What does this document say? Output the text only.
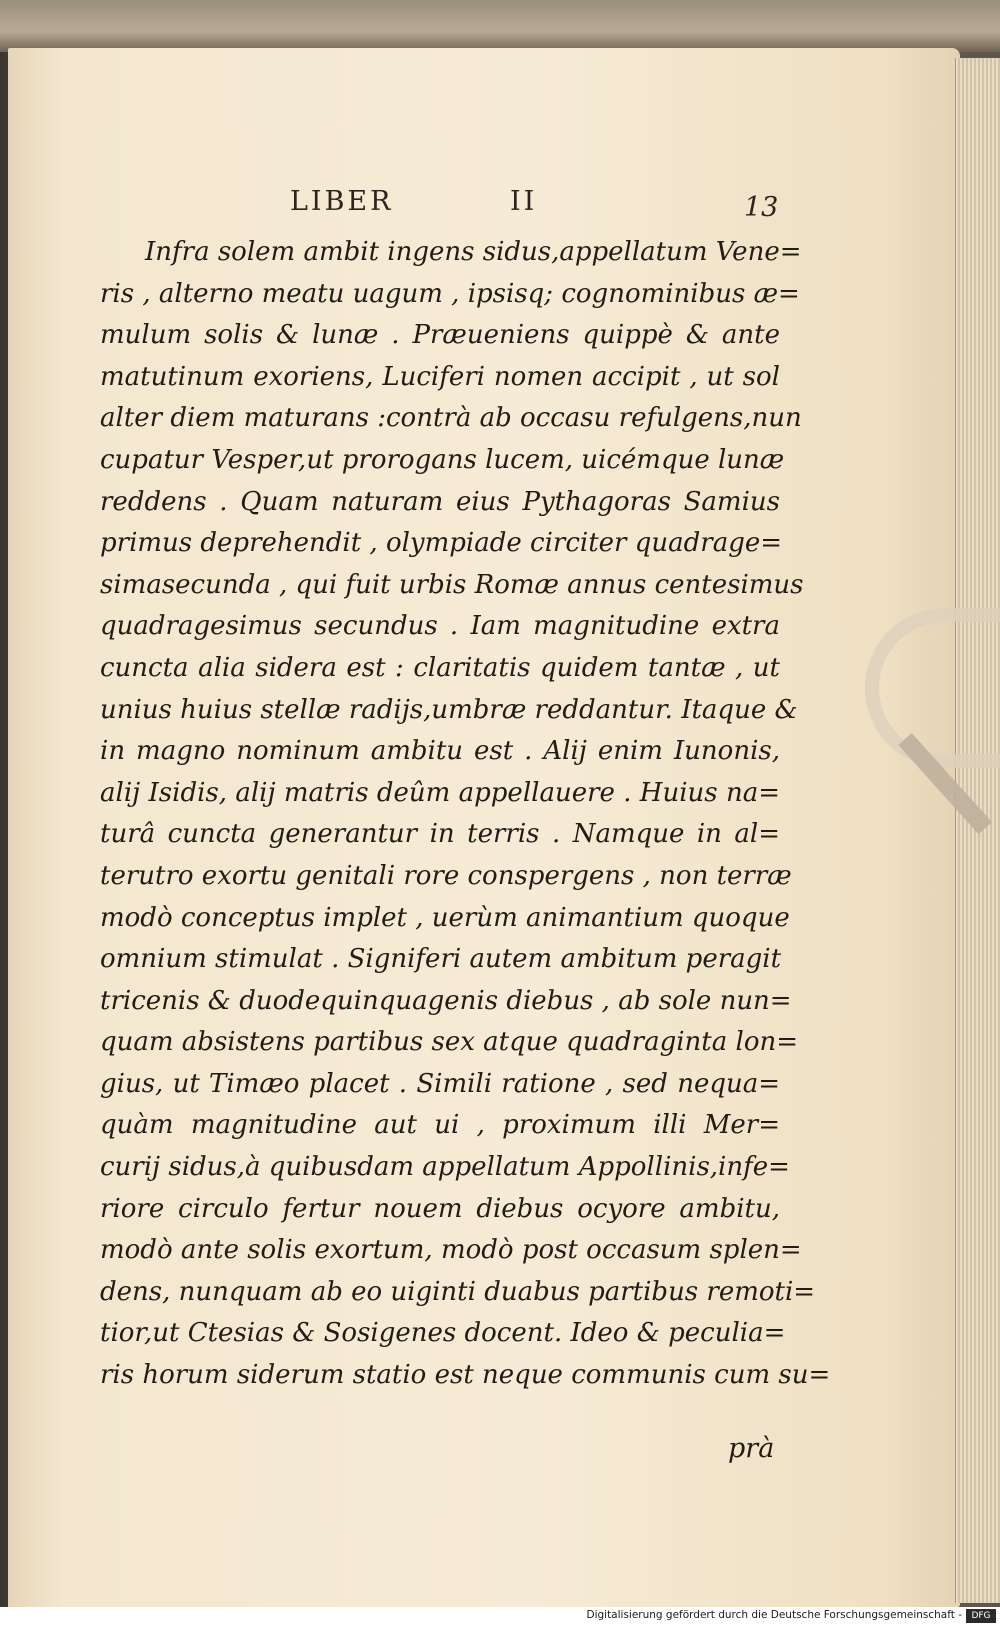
LIBER	II	13
Infra solem ambit ingens sidus,appellatum Vene=
ris , alterno meatu uagum , ipsisq; cognominibus æ=
mulum solis & lunæ . Præueniens quippè & ante
matutinum exoriens, Luciferi nomen accipit , ut sol
alter diem maturans :contrà ab occasu refulgens,nun
cupatur Vesper,ut prorogans lucem, uicémque lunæ
reddens . Quam naturam eius Pythagoras Samius
primus deprehendit , olympiade circiter quadrage=
simasecunda , qui fuit urbis Romæ annus centesimus
quadragesimus secundus . Iam magnitudine extra
cuncta alia sidera est : claritatis quidem tantæ , ut
unius huius stellæ radijs,umbræ reddantur. Itaque &
in magno nominum ambitu est . Alij enim Iunonis,
alij Isidis, alij matris deûm appellauere . Huius na=
turâ cuncta generantur in terris . Namque in al=
terutro exortu genitali rore conspergens , non terræ
modò conceptus implet , uerùm animantium quoque
omnium stimulat . Signiferi autem ambitum peragit
tricenis & duodequinquagenis diebus , ab sole nun=
quam absistens partibus sex atque quadraginta lon=
gius, ut Timæo placet . Simili ratione , sed nequa=
quàm magnitudine aut ui , proximum illi Mer=
curij sidus,à quibusdam appellatum Appollinis,infe=
riore circulo fertur nouem diebus ocyore ambitu,
modò ante solis exortum, modò post occasum splen=
dens, nunquam ab eo uiginti duabus partibus remoti=
tior,ut Ctesias & Sosigenes docent. Ideo & peculia=
ris horum siderum statio est neque communis cum su=
prà
Digitalisierung gefördert durch die Deutsche Forschungsgemeinschaft -	DFG
